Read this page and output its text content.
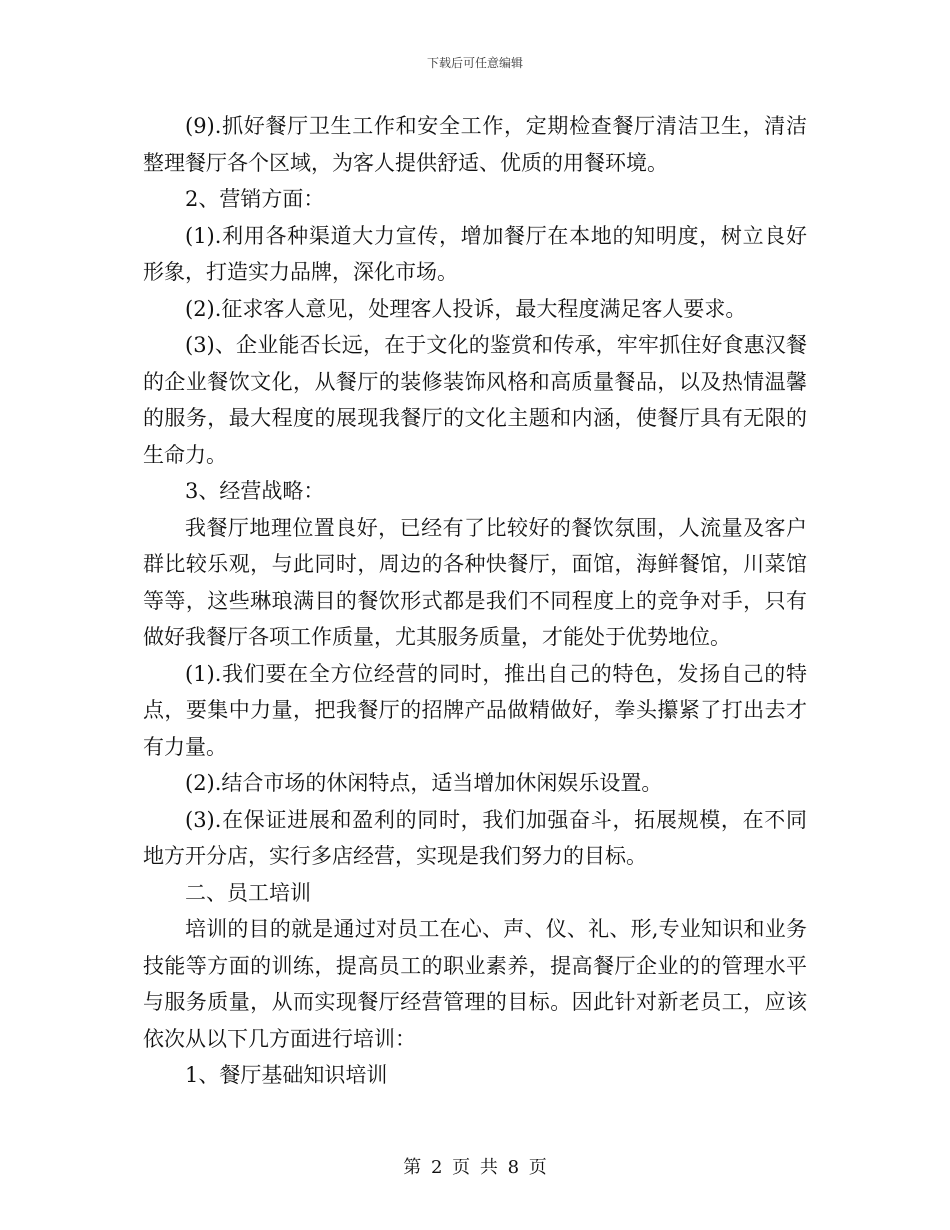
下载后可任意编辑

(9).抓好餐厅卫生工作和安全工作，定期检查餐厅清洁卫生，清洁整理餐厅各个区域，为客人提供舒适、优质的用餐环境。

2、营销方面：

(1).利用各种渠道大力宣传，增加餐厅在本地的知明度，树立良好形象，打造实力品牌，深化市场。

(2).征求客人意见，处理客人投诉，最大程度满足客人要求。

(3)、企业能否长远，在于文化的鉴赏和传承，牢牢抓住好食惠汉餐的企业餐饮文化，从餐厅的装修装饰风格和高质量餐品，以及热情温馨的服务，最大程度的展现我餐厅的文化主题和内涵，使餐厅具有无限的生命力。

3、经营战略：

我餐厅地理位置良好，已经有了比较好的餐饮氛围，人流量及客户群比较乐观，与此同时，周边的各种快餐厅，面馆，海鲜餐馆，川菜馆等等，这些琳琅满目的餐饮形式都是我们不同程度上的竞争对手，只有做好我餐厅各项工作质量，尤其服务质量，才能处于优势地位。

(1).我们要在全方位经营的同时，推出自己的特色，发扬自己的特点，要集中力量，把我餐厅的招牌产品做精做好，拳头攥紧了打出去才有力量。

(2).结合市场的休闲特点，适当增加休闲娱乐设置。

(3).在保证进展和盈利的同时，我们加强奋斗，拓展规模，在不同地方开分店，实行多店经营，实现是我们努力的目标。

二、员工培训

培训的目的就是通过对员工在心、声、仪、礼、形,专业知识和业务技能等方面的训练，提高员工的职业素养，提高餐厅企业的的管理水平与服务质量，从而实现餐厅经营管理的目标。因此针对新老员工，应该依次从以下几方面进行培训：

1、餐厅基础知识培训

第 2 页 共 8 页
